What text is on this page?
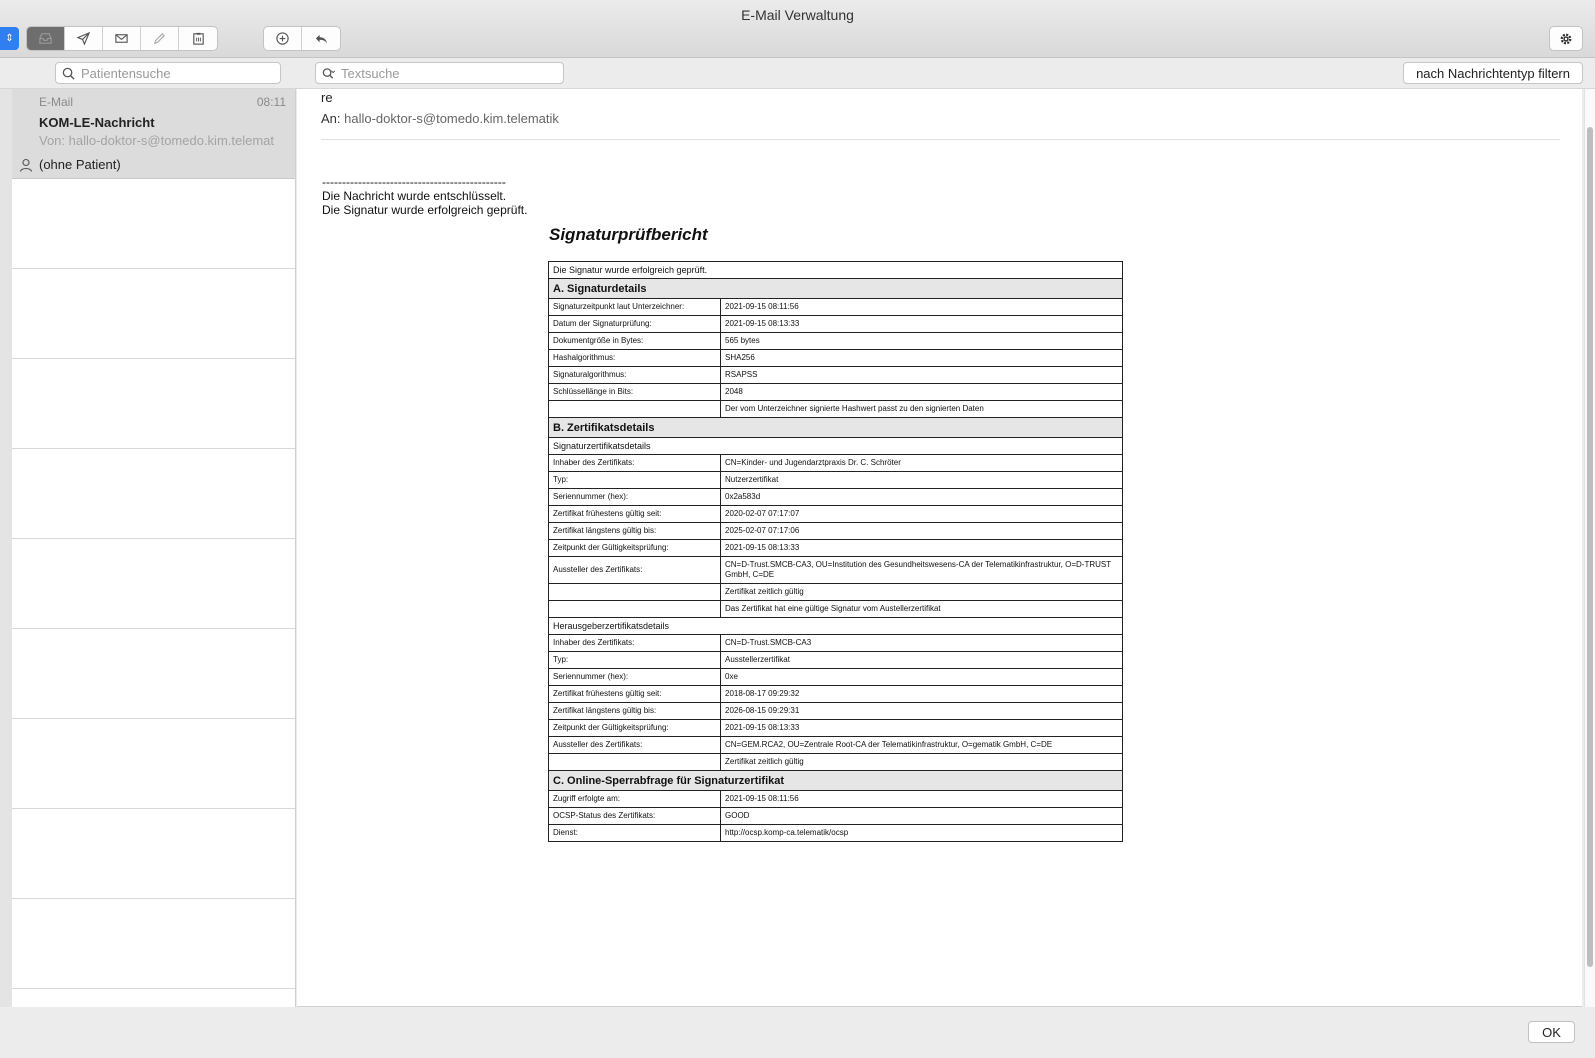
E-Mail Verwaltung
⇕
Patientensuche	Textsuche	nach Nachrichtentyp filtern
E-Mail	08:11
KOM-LE-Nachricht
Von: hallo-doktor-s@tomedo.kim.telemat
(ohne Patient)
re
An: hallo-doktor-s@tomedo.kim.telematik
----------------------------------------------
Die Nachricht wurde entschlüsselt.
Die Signatur wurde erfolgreich geprüft.
Signaturprüfbericht
Die Signatur wurde erfolgreich geprüft.	
A. Signaturdetails	
Signaturzeitpunkt laut Unterzeichner:	2021-09-15 08:11:56
Datum der Signaturprüfung:	2021-09-15 08:13:33
Dokumentgröße in Bytes:	565 bytes
Hashalgorithmus:	SHA256
Signaturalgorithmus:	RSAPSS
Schlüssellänge in Bits:	2048
	Der vom Unterzeichner signierte Hashwert passt zu den signierten Daten
B. Zertifikatsdetails	
Signaturzertifikatsdetails	
Inhaber des Zertifikats:	CN=Kinder- und Jugendarztpraxis Dr. C. Schröter
Typ:	Nutzerzertifikat
Seriennummer (hex):	0x2a583d
Zertifikat frühestens gültig seit:	2020-02-07 07:17:07
Zertifikat längstens gültig bis:	2025-02-07 07:17:06
Zeitpunkt der Gültigkeitsprüfung:	2021-09-15 08:13:33
Aussteller des Zertifikats:	CN=D-Trust.SMCB-CA3, OU=Institution des Gesundheitswesens-CA der Telematikinfrastruktur, O=D-TRUST GmbH, C=DE
	Zertifikat zeitlich gültig
	Das Zertifikat hat eine gültige Signatur vom Austellerzertifikat
Herausgeberzertifikatsdetails	
Inhaber des Zertifikats:	CN=D-Trust.SMCB-CA3
Typ:	Ausstellerzertifikat
Seriennummer (hex):	0xe
Zertifikat frühestens gültig seit:	2018-08-17 09:29:32
Zertifikat längstens gültig bis:	2026-08-15 09:29:31
Zeitpunkt der Gültigkeitsprüfung:	2021-09-15 08:13:33
Aussteller des Zertifikats:	CN=GEM.RCA2, OU=Zentrale Root-CA der Telematikinfrastruktur, O=gematik GmbH, C=DE
	Zertifikat zeitlich gültig
C. Online-Sperrabfrage für Signaturzertifikat	
Zugriff erfolgte am:	2021-09-15 08:11:56
OCSP-Status des Zertifikats:	GOOD
Dienst:	http://ocsp.komp-ca.telematik/ocsp
OK
